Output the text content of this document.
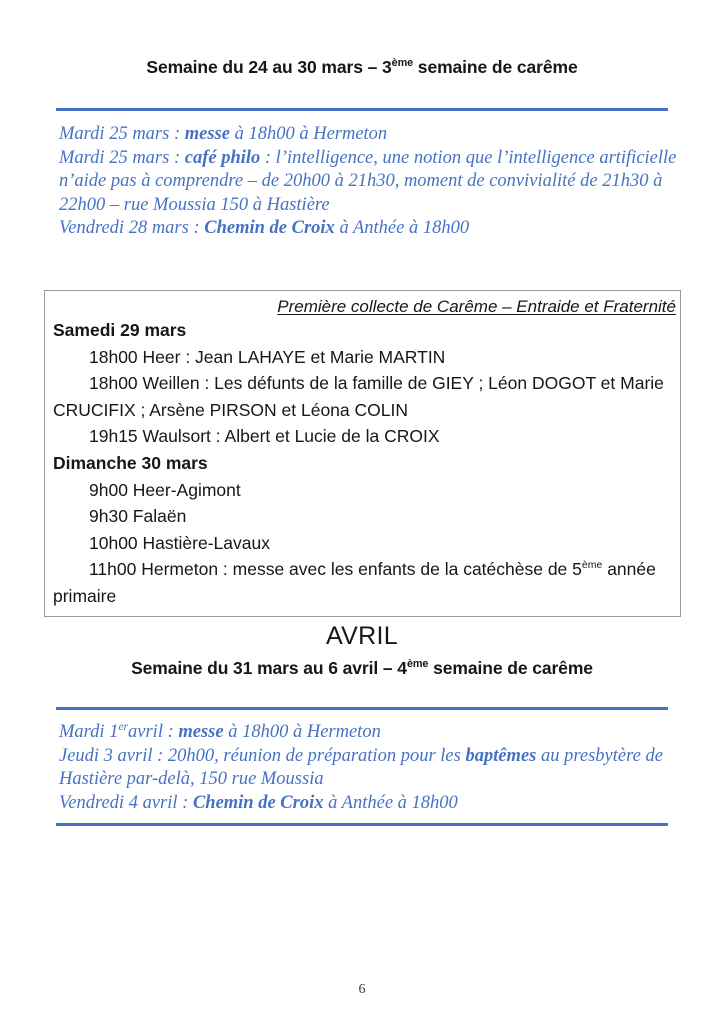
Semaine du 24 au 30 mars – 3ème semaine de carême
Mardi 25 mars : messe à 18h00 à Hermeton
Mardi 25 mars : café philo : l’intelligence, une notion que l’intelligence artificielle n’aide pas à comprendre – de 20h00 à 21h30, moment de convivialité de 21h30 à 22h00 – rue Moussia 150 à Hastière
Vendredi 28 mars : Chemin de Croix à Anthée à 18h00
Première collecte de Carême – Entraide et Fraternité
Samedi 29 mars
18h00 Heer : Jean LAHAYE et Marie MARTIN
18h00 Weillen : Les défunts de la famille de GIEY ; Léon DOGOT et Marie CRUCIFIX ; Arsène PIRSON et Léona COLIN
19h15 Waulsort : Albert et Lucie de la CROIX
Dimanche 30 mars
9h00 Heer-Agimont
9h30 Falaën
10h00 Hastière-Lavaux
11h00 Hermeton : messe avec les enfants de la catéchèse de 5ème année primaire
AVRIL
Semaine du 31 mars au 6 avril – 4ème semaine de carême
Mardi 1eravril : messe à 18h00 à Hermeton
Jeudi 3 avril : 20h00, réunion de préparation pour les baptêmes au presbytère de Hastière par-delà, 150 rue Moussia
Vendredi 4 avril : Chemin de Croix à Anthée à 18h00
6
